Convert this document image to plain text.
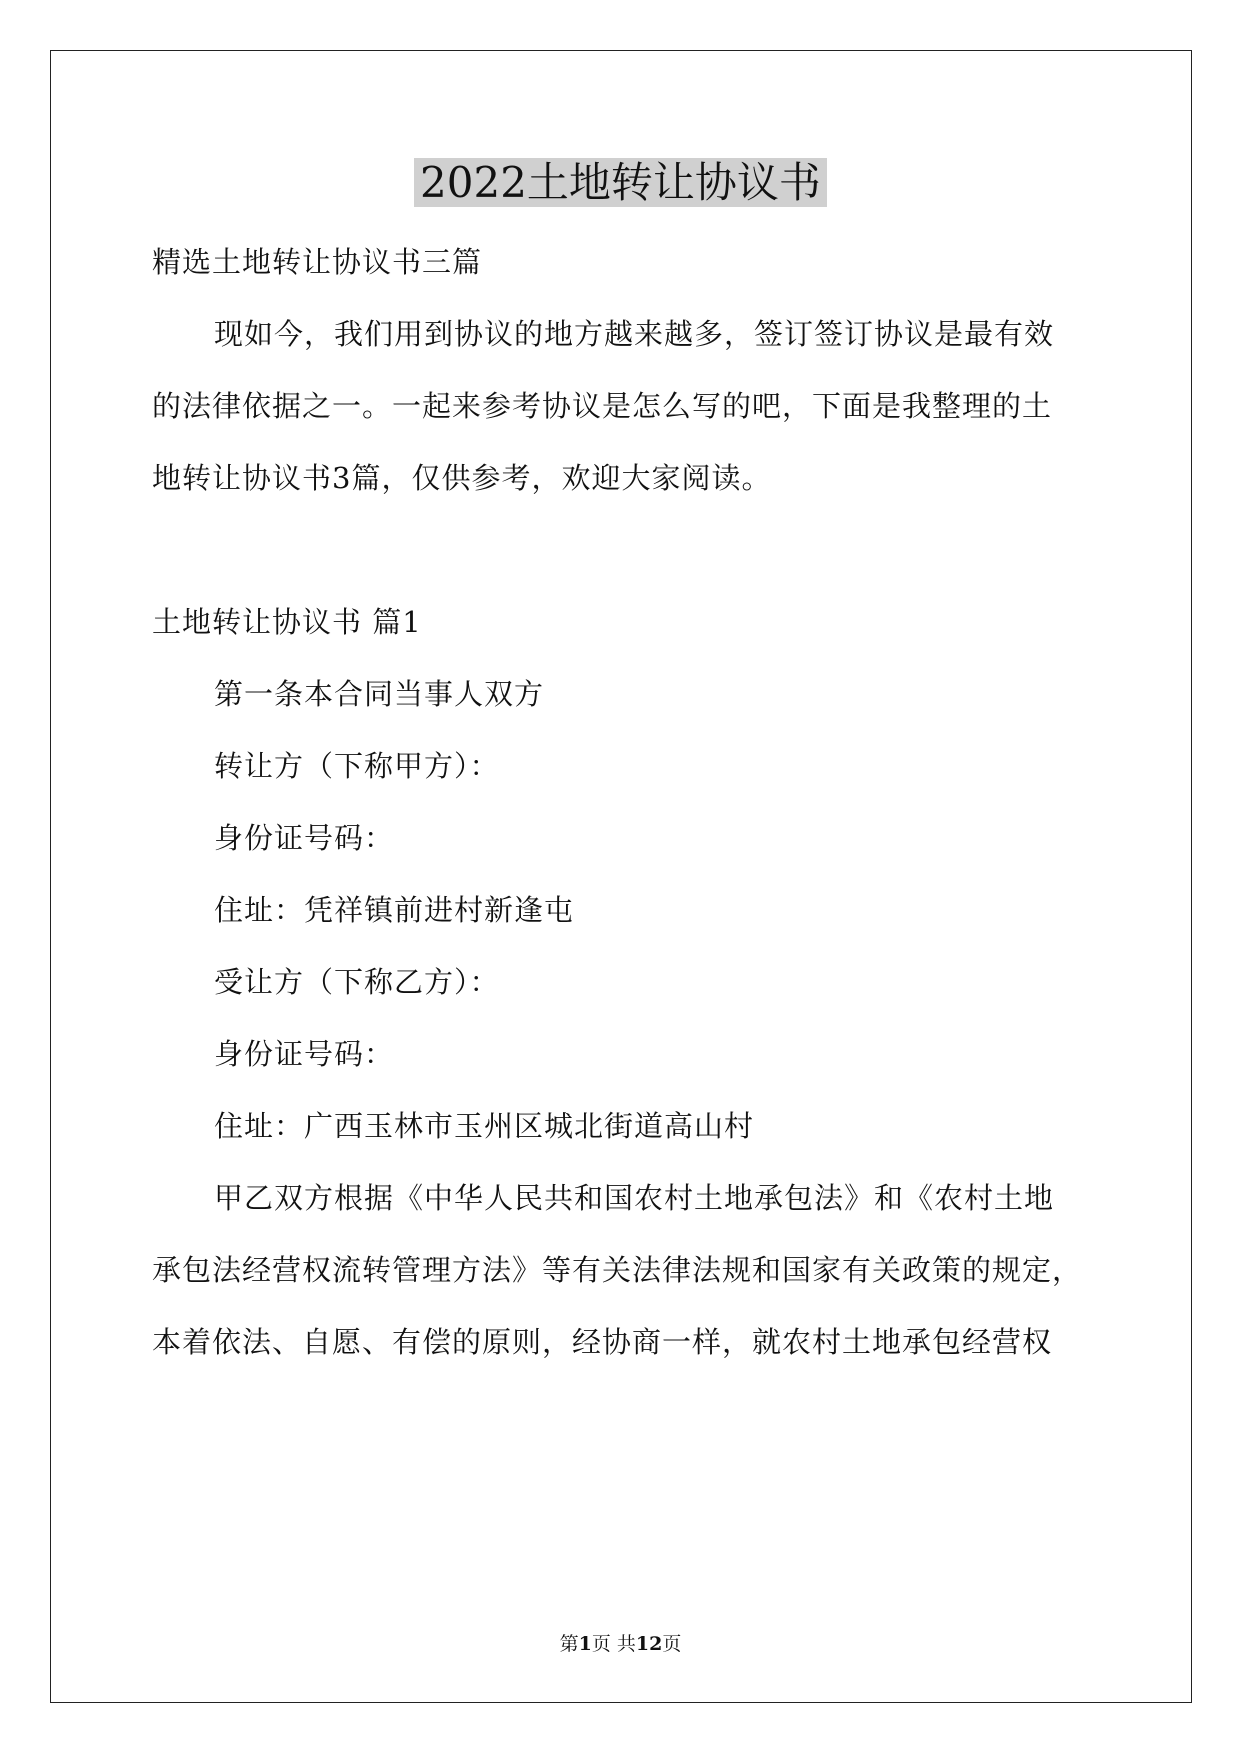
2022土地转让协议书

精选土地转让协议书三篇

现如今，我们用到协议的地方越来越多，签订签订协议是最有效

的法律依据之一。一起来参考协议是怎么写的吧，下面是我整理的土

地转让协议书3篇，仅供参考，欢迎大家阅读。

土地转让协议书 篇1

第一条本合同当事人双方

转让方（下称甲方）：

身份证号码：

住址：凭祥镇前进村新逢屯

受让方（下称乙方）：

身份证号码：

住址：广西玉林市玉州区城北街道高山村

甲乙双方根据《中华人民共和国农村土地承包法》和《农村土地

承包法经营权流转管理方法》等有关法律法规和国家有关政策的规定，

本着依法、自愿、有偿的原则，经协商一样，就农村土地承包经营权

第1页 共12页
